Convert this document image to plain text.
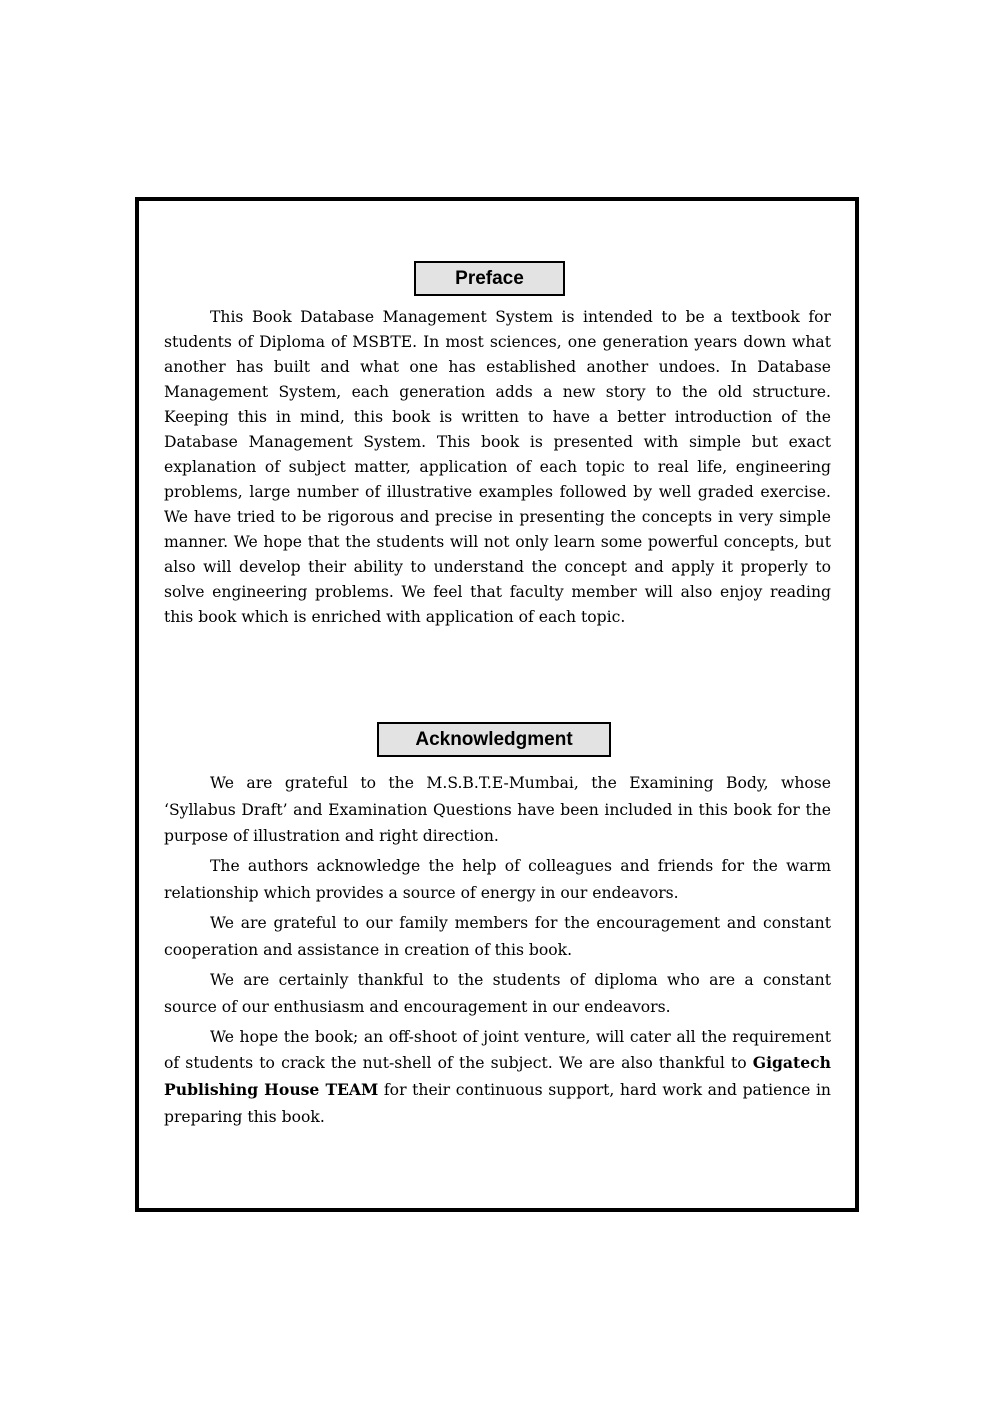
Preface

This Book Database Management System is intended to be a textbook for students of Diploma of MSBTE. In most sciences, one generation years down what another has built and what one has established another undoes. In Database Management System, each generation adds a new story to the old structure. Keeping this in mind, this book is written to have a better introduction of the Database Management System. This book is presented with simple but exact explanation of subject matter, application of each topic to real life, engineering problems, large number of illustrative examples followed by well graded exercise. We have tried to be rigorous and precise in presenting the concepts in very simple manner. We hope that the students will not only learn some powerful concepts, but also will develop their ability to understand the concept and apply it properly to solve engineering problems. We feel that faculty member will also enjoy reading this book which is enriched with application of each topic.

Acknowledgment

We are grateful to the M.S.B.T.E-Mumbai, the Examining Body, whose ‘Syllabus Draft’ and Examination Questions have been included in this book for the purpose of illustration and right direction.

The authors acknowledge the help of colleagues and friends for the warm relationship which provides a source of energy in our endeavors.

We are grateful to our family members for the encouragement and constant cooperation and assistance in creation of this book.

We are certainly thankful to the students of diploma who are a constant source of our enthusiasm and encouragement in our endeavors.

We hope the book; an off-shoot of joint venture, will cater all the requirement of students to crack the nut-shell of the subject. We are also thankful to Gigatech Publishing House TEAM for their continuous support, hard work and patience in preparing this book.
